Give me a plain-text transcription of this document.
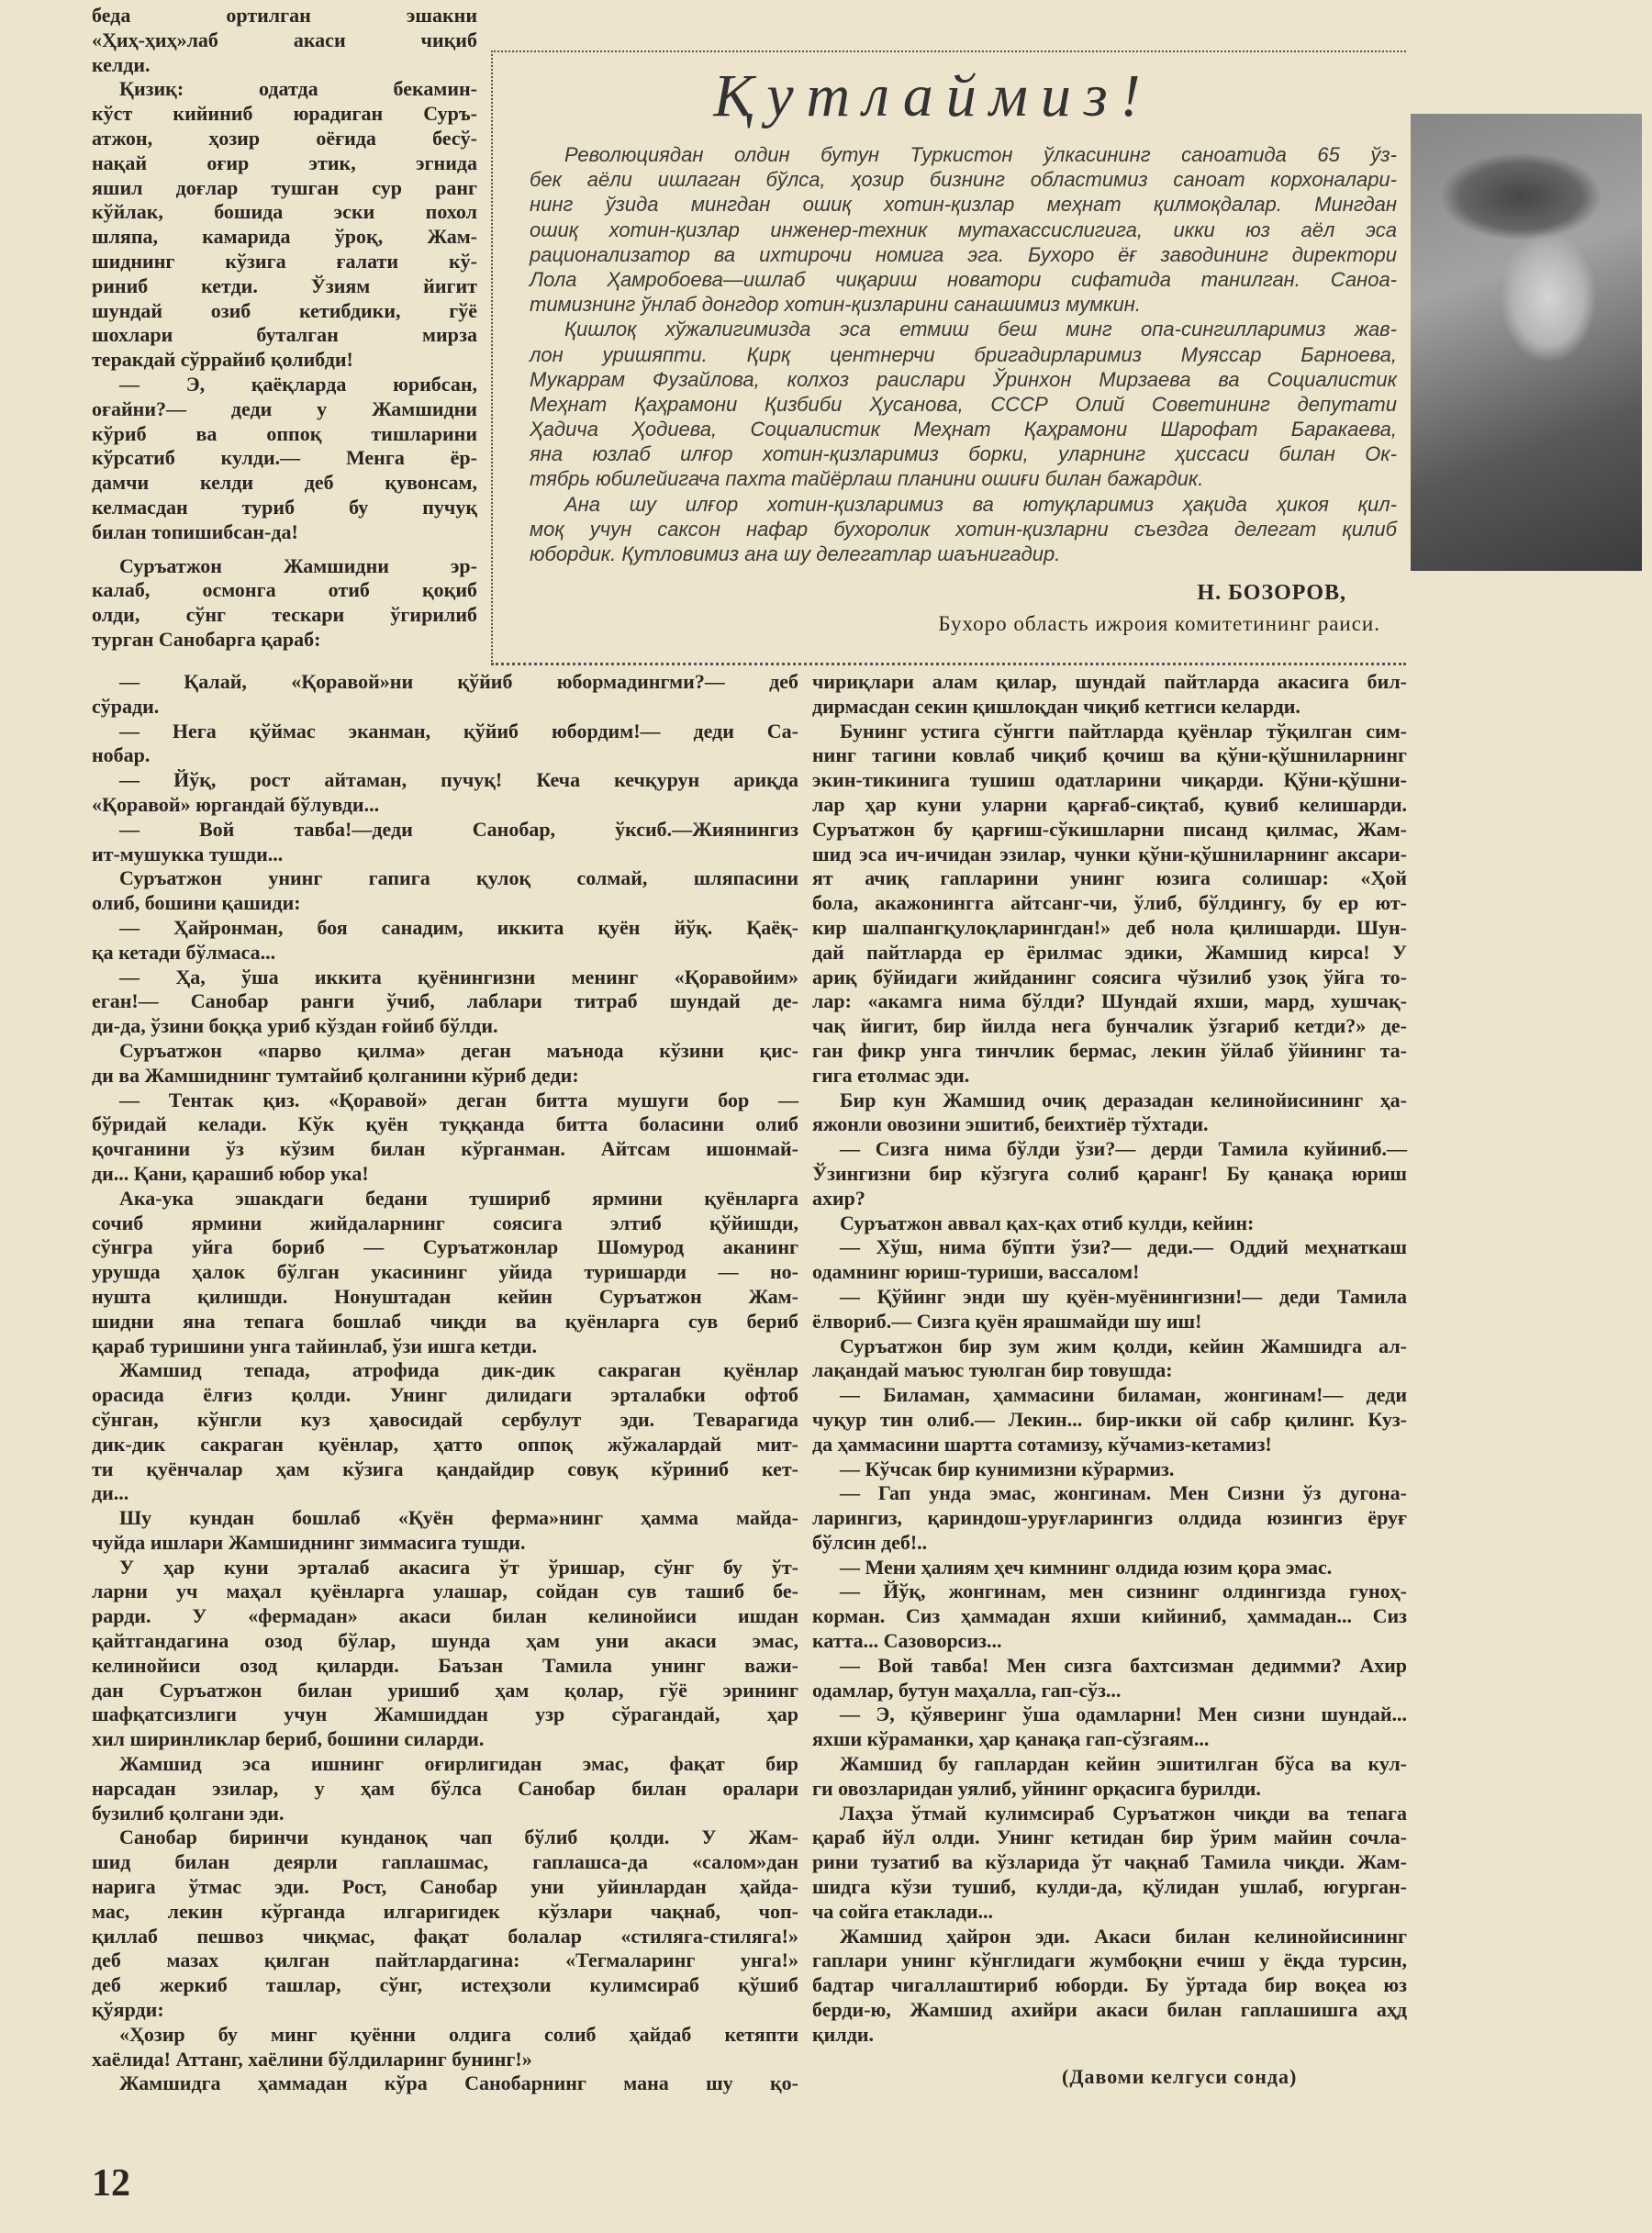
беда ортилган эшакни
«Ҳиҳ-ҳиҳ»лаб акаси чиқиб
келди.
Қизиқ: одатда бекамин-
кўст кийиниб юрадиган Суръ-
атжон, ҳозир оёғида бесў-
нақай оғир этик, эгнида
яшил доғлар тушган сур ранг
кўйлак, бошида эски похол
шляпа, камарида ўроқ, Жам-
шиднинг кўзига ғалати кў-
риниб кетди. Ўзиям йигит
шундай озиб кетибдики, гўё
шохлари буталган мирза
теракдай сўррайиб қолибди!
— Э, қаёқларда юрибсан,
оғайни?— деди у Жамшидни
кўриб ва оппоқ тишларини
кўрсатиб кулди.— Менга ёр-
дамчи келди деб қувонсам,
келмасдан туриб бу пучуқ
билан топишибсан-да!
Суръатжон Жамшидни эр-
калаб, осмонга отиб қоқиб
олди, сўнг тескари ўгирилиб
турган Санобарга қараб:
Қутлаймиз!
Революциядан олдин бутун Туркистон ўлкасининг саноатида 65 ўз-
бек аёли ишлаган бўлса, ҳозир бизнинг областимиз саноат корхоналари-
нинг ўзида мингдан ошиқ хотин-қизлар меҳнат қилмоқдалар. Мингдан
ошиқ хотин-қизлар инженер-техник мутахассислигига, икки юз аёл эса
рационализатор ва ихтирочи номига эга. Бухоро ёғ заводининг директори
Лола Ҳамробоева—ишлаб чиқариш новатори сифатида танилган. Саноа-
тимизнинг ўнлаб донгдор хотин-қизларини санашимиз мумкин.
Қишлоқ хўжалигимизда эса етмиш беш минг опа-сингилларимиз жав-
лон уришяпти. Қирқ центнерчи бригадирларимиз Муяссар Барноева,
Мукаррам Фузайлова, колхоз раислари Ўринхон Мирзаева ва Социалистик
Меҳнат Қаҳрамони Қизбиби Ҳусанова, СССР Олий Советининг депутати
Ҳадича Ҳодиева, Социалистик Меҳнат Қаҳрамони Шарофат Баракаева,
яна юзлаб илғор хотин-қизларимиз борки, уларнинг ҳиссаси билан Ок-
тябрь юбилейигача пахта тайёрлаш планини ошиғи билан бажардик.
Ана шу илғор хотин-қизларимиз ва ютуқларимиз ҳақида ҳикоя қил-
моқ учун саксон нафар бухоролик хотин-қизларни съездга делегат қилиб
юбордик. Қутловимиз ана шу делегатлар шаънигадир.
Н. БОЗОРОВ,
Бухоро область ижроия комитетининг раиси.
— Қалай, «Қоравой»ни қўйиб юбормадингми?— деб
сўради.
— Нега қўймас эканман, қўйиб юбордим!— деди Са-
нобар.
— Йўқ, рост айтаман, пучуқ! Кеча кечқурун ариқда
«Қоравой» юргандай бўлувди...
— Вой тавба!—деди Санобар, ўксиб.—Жиянингиз
ит-мушукка тушди...
Суръатжон унинг гапига қулоқ солмай, шляпасини
олиб, бошини қашиди:
— Ҳайронман, боя санадим, иккита қуён йўқ. Қаёқ-
қа кетади бўлмаса...
— Ҳа, ўша иккита қуёнингизни менинг «Қоравойим»
еган!— Санобар ранги ўчиб, лаблари титраб шундай де-
ди-да, ўзини боққа уриб кўздан ғойиб бўлди.
Суръатжон «парво қилма» деган маънода кўзини қис-
ди ва Жамшиднинг тумтайиб қолганини кўриб деди:
— Тентак қиз. «Қоравой» деган битта мушуги бор —
бўридай келади. Кўк қуён туққанда битта боласини олиб
қочганини ўз кўзим билан кўрганман. Айтсам ишонмай-
ди... Қани, қарашиб юбор ука!
Ака-ука эшакдаги бедани тушириб ярмини қуёнларга
сочиб ярмини жийдаларнинг соясига элтиб қўйишди,
сўнгра уйга бориб — Суръатжонлар Шомурод аканинг
урушда ҳалок бўлган укасининг уйида туришарди — но-
нушта қилишди. Нонуштадан кейин Суръатжон Жам-
шидни яна тепага бошлаб чиқди ва қуёнларга сув бериб
қараб туришини унга тайинлаб, ўзи ишга кетди.
Жамшид тепада, атрофида дик-дик сакраган қуёнлар
орасида ёлғиз қолди. Унинг дилидаги эрталабки офтоб
сўнган, кўнгли куз ҳавосидай сербулут эди. Теварагида
дик-дик сакраган қуёнлар, ҳатто оппоқ жўжалардай мит-
ти қуёнчалар ҳам кўзига қандайдир совуқ кўриниб кет-
ди...
Шу кундан бошлаб «Қуён ферма»нинг ҳамма майда-
чуйда ишлари Жамшиднинг зиммасига тушди.
У ҳар куни эрталаб акасига ўт ўришар, сўнг бу ўт-
ларни уч маҳал қуёнларга улашар, сойдан сув ташиб бе-
рарди. У «фермадан» акаси билан келинойиси ишдан
қайтгандагина озод бўлар, шунда ҳам уни акаси эмас,
келинойиси озод қиларди. Баъзан Тамила унинг важи-
дан Суръатжон билан уришиб ҳам қолар, гўё эрининг
шафқатсизлиги учун Жамшиддан узр сўрагандай, ҳар
хил ширинликлар бериб, бошини силарди.
Жамшид эса ишнинг оғирлигидан эмас, фақат бир
нарсадан эзилар, у ҳам бўлса Санобар билан оралари
бузилиб қолгани эди.
Санобар биринчи кунданоқ чап бўлиб қолди. У Жам-
шид билан деярли гаплашмас, гаплашса-да «салом»дан
нарига ўтмас эди. Рост, Санобар уни уйинлардан ҳайда-
мас, лекин кўрганда илгаригидек кўзлари чақнаб, чоп-
қиллаб пешвоз чиқмас, фақат болалар «стиляга-стиляга!»
деб мазах қилган пайтлардагина: «Тегмаларинг унга!»
деб жеркиб ташлар, сўнг, истеҳзоли кулимсираб қўшиб
қўярди:
«Ҳозир бу минг қуённи олдига солиб ҳайдаб кетяпти
хаёлида! Аттанг, хаёлини бўлдиларинг бунинг!»
Жамшидга ҳаммадан кўра Санобарнинг мана шу қо-
чириқлари алам қилар, шундай пайтларда акасига бил-
дирмасдан секин қишлоқдан чиқиб кетгиси келарди.
Бунинг устига сўнгги пайтларда қуёнлар тўқилган сим-
нинг тагини ковлаб чиқиб қочиш ва қўни-қўшниларнинг
экин-тикинига тушиш одатларини чиқарди. Қўни-қўшни-
лар ҳар куни уларни қарғаб-сиқтаб, қувиб келишарди.
Суръатжон бу қарғиш-сўкишларни писанд қилмас, Жам-
шид эса ич-ичидан эзилар, чунки қўни-қўшниларнинг аксари-
ят ачиқ гапларини унинг юзига солишар: «Ҳой
бола, акажонингга айтсанг-чи, ўлиб, бўлдингу, бу ер ют-
кир шалпангқулоқларингдан!» деб нола қилишарди. Шун-
дай пайтларда ер ёрилмас эдики, Жамшид кирса! У
ариқ бўйидаги жийданинг соясига чўзилиб узоқ ўйга то-
лар: «акамга нима бўлди? Шундай яхши, мард, хушчақ-
чақ йигит, бир йилда нега бунчалик ўзгариб кетди?» де-
ган фикр унга тинчлик бермас, лекин ўйлаб ўйининг та-
гига етолмас эди.
Бир кун Жамшид очиқ деразадан келинойисининг ҳа-
яжонли овозини эшитиб, беихтиёр тўхтади.
— Сизга нима бўлди ўзи?— дерди Тамила куйиниб.—
Ўзингизни бир кўзгуга солиб қаранг! Бу қанақа юриш
ахир?
Суръатжон аввал қах-қах отиб кулди, кейин:
— Хўш, нима бўпти ўзи?— деди.— Оддий меҳнаткаш
одамнинг юриш-туриши, вассалом!
— Қўйинг энди шу қуён-муёнингизни!— деди Тамила
ёлвориб.— Сизга қуён ярашмайди шу иш!
Суръатжон бир зум жим қолди, кейин Жамшидга ал-
лақандай маъюс туюлган бир товушда:
— Биламан, ҳаммасини биламан, жонгинам!— деди
чуқур тин олиб.— Лекин... бир-икки ой сабр қилинг. Куз-
да ҳаммасини шартта сотамизу, кўчамиз-кетамиз!
— Кўчсак бир кунимизни кўрармиз.
— Гап унда эмас, жонгинам. Мен Сизни ўз дугона-
ларингиз, қариндош-уруғларингиз олдида юзингиз ёруғ
бўлсин деб!..
— Мени ҳалиям ҳеч кимнинг олдида юзим қора эмас.
— Йўқ, жонгинам, мен сизнинг олдингизда гуноҳ-
корман. Сиз ҳаммадан яхши кийиниб, ҳаммадан... Сиз
катта... Сазоворсиз...
— Вой тавба! Мен сизга бахтсизман дедимми? Ахир
одамлар, бутун маҳалла, гап-сўз...
— Э, қўяверинг ўша одамларни! Мен сизни шундай...
яхши кўраманки, ҳар қанақа гап-сўзгаям...
Жамшид бу гаплардан кейин эшитилган бўса ва кул-
ги овозларидан уялиб, уйнинг орқасига бурилди.
Лаҳза ўтмай кулимсираб Суръатжон чиқди ва тепага
қараб йўл олди. Унинг кетидан бир ўрим майин сочла-
рини тузатиб ва кўзларида ўт чақнаб Тамила чиқди. Жам-
шидга кўзи тушиб, кулди-да, қўлидан ушлаб, югурган-
ча сойга етаклади...
Жамшид ҳайрон эди. Акаси билан келинойисининг
гаплари унинг кўнглидаги жумбоқни ечиш у ёқда турсин,
бадтар чигаллаштириб юборди. Бу ўртада бир воқеа юз
берди-ю, Жамшид ахийри акаси билан гаплашишга аҳд
қилди.
(Давоми келгуси сонда)
12
